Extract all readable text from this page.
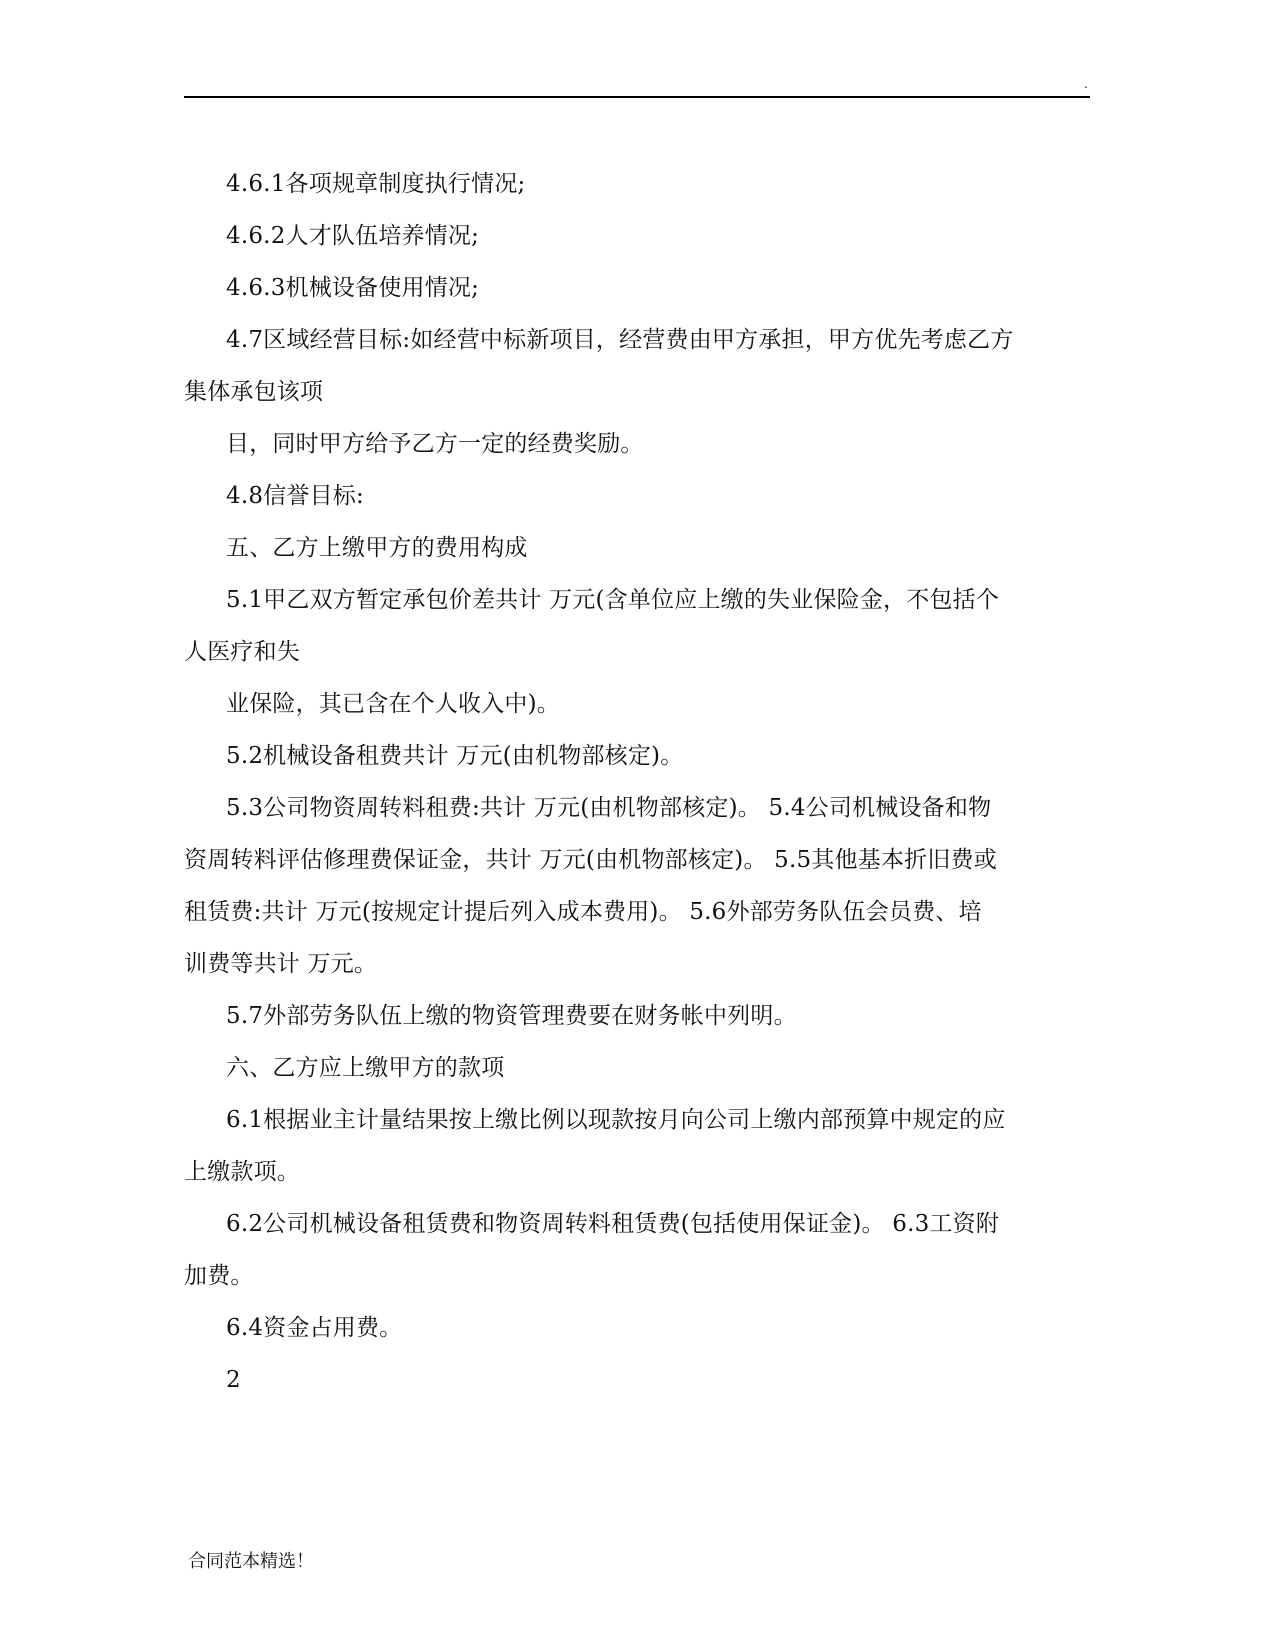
.
4.6.1各项规章制度执行情况;
4.6.2人才队伍培养情况;
4.6.3机械设备使用情况;
4.7区域经营目标:如经营中标新项目，经营费由甲方承担，甲方优先考虑乙方
集体承包该项
目，同时甲方给予乙方一定的经费奖励。
4.8信誉目标:
五、乙方上缴甲方的费用构成
5.1甲乙双方暂定承包价差共计 万元(含单位应上缴的失业保险金，不包括个
人医疗和失
业保险，其已含在个人收入中)。
5.2机械设备租费共计 万元(由机物部核定)。
5.3公司物资周转料租费:共计 万元(由机物部核定)。 5.4公司机械设备和物
资周转料评估修理费保证金，共计 万元(由机物部核定)。 5.5其他基本折旧费或
租赁费:共计 万元(按规定计提后列入成本费用)。 5.6外部劳务队伍会员费、培
训费等共计 万元。
5.7外部劳务队伍上缴的物资管理费要在财务帐中列明。
六、乙方应上缴甲方的款项
6.1根据业主计量结果按上缴比例以现款按月向公司上缴内部预算中规定的应
上缴款项。
6.2公司机械设备租赁费和物资周转料租赁费(包括使用保证金)。 6.3工资附
加费。
6.4资金占用费。
2
合同范本精选！
